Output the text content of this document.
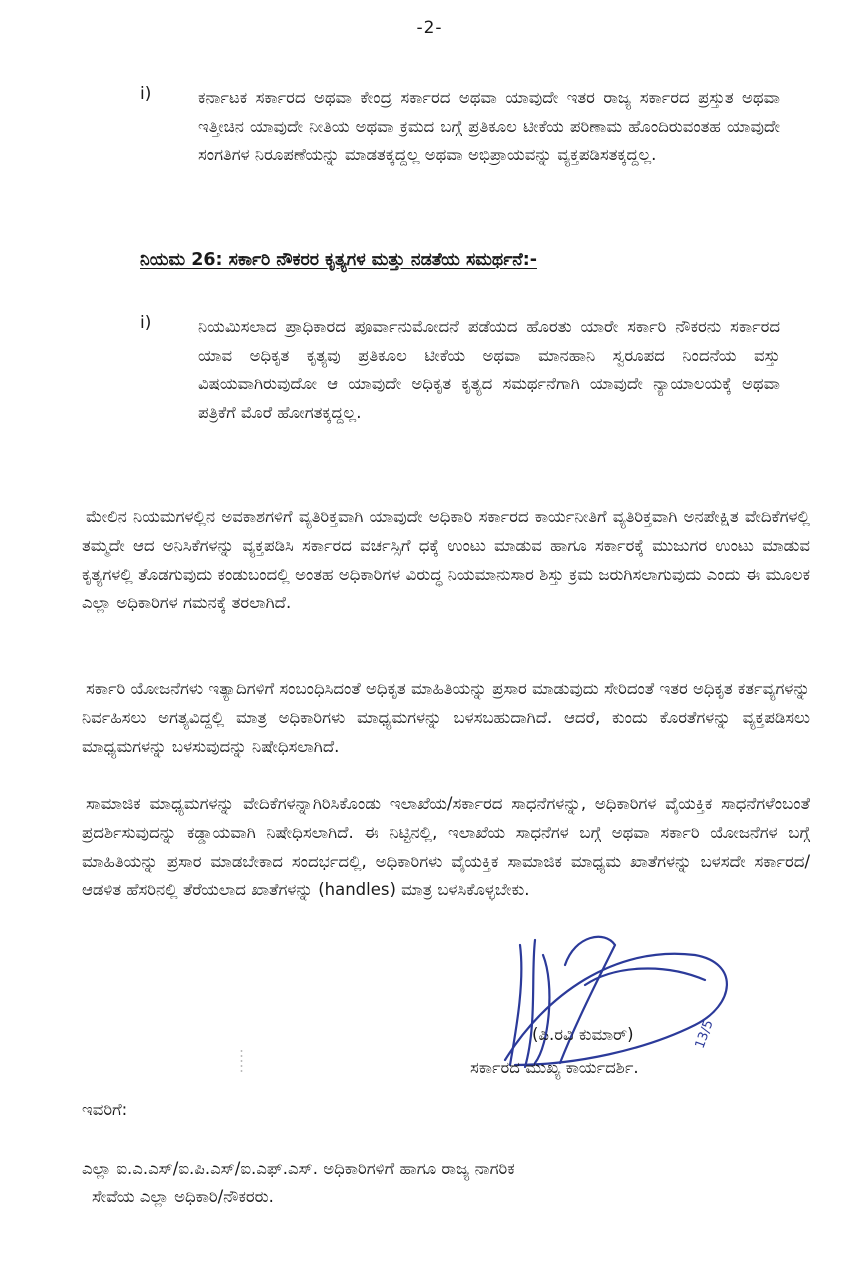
-2-
i)	ಕರ್ನಾಟಕ ಸರ್ಕಾರದ ಅಥವಾ ಕೇಂದ್ರ ಸರ್ಕಾರದ ಅಥವಾ ಯಾವುದೇ ಇತರ ರಾಜ್ಯ ಸರ್ಕಾರದ ಪ್ರಸ್ತುತ ಅಥವಾ ಇತ್ತೀಚಿನ ಯಾವುದೇ ನೀತಿಯ ಅಥವಾ ಕ್ರಮದ ಬಗ್ಗೆ ಪ್ರತಿಕೂಲ ಟೀಕೆಯ ಪರಿಣಾಮ ಹೊಂದಿರುವಂತಹ ಯಾವುದೇ ಸಂಗತಿಗಳ ನಿರೂಪಣೆಯನ್ನು ಮಾಡತಕ್ಕದ್ದಲ್ಲ ಅಥವಾ ಅಭಿಪ್ರಾಯವನ್ನು ವ್ಯಕ್ತಪಡಿಸತಕ್ಕದ್ದಲ್ಲ.
ನಿಯಮ 26: ಸರ್ಕಾರಿ ನೌಕರರ ಕೃತ್ಯಗಳ ಮತ್ತು ನಡತೆಯ ಸಮರ್ಥನೆ:-
i)	ನಿಯಮಿಸಲಾದ ಪ್ರಾಧಿಕಾರದ ಪೂರ್ವಾನುಮೋದನೆ ಪಡೆಯದ ಹೊರತು ಯಾರೇ ಸರ್ಕಾರಿ ನೌಕರನು ಸರ್ಕಾರದ ಯಾವ ಅಧಿಕೃತ ಕೃತ್ಯವು ಪ್ರತಿಕೂಲ ಟೀಕೆಯ ಅಥವಾ ಮಾನಹಾನಿ ಸ್ವರೂಪದ ನಿಂದನೆಯ ವಸ್ತು ವಿಷಯವಾಗಿರುವುದೋ ಆ ಯಾವುದೇ ಅಧಿಕೃತ ಕೃತ್ಯದ ಸಮರ್ಥನೆಗಾಗಿ ಯಾವುದೇ ನ್ಯಾಯಾಲಯಕ್ಕೆ ಅಥವಾ ಪತ್ರಿಕೆಗೆ ಮೊರೆ ಹೋಗತಕ್ಕದ್ದಲ್ಲ.
ಮೇಲಿನ ನಿಯಮಗಳಲ್ಲಿನ ಅವಕಾಶಗಳಿಗೆ ವ್ಯತಿರಿಕ್ತವಾಗಿ ಯಾವುದೇ ಅಧಿಕಾರಿ ಸರ್ಕಾರದ ಕಾರ್ಯನೀತಿಗೆ ವ್ಯತಿರಿಕ್ತವಾಗಿ ಅನಪೇಕ್ಷಿತ ವೇದಿಕೆಗಳಲ್ಲಿ ತಮ್ಮದೇ ಆದ ಅನಿಸಿಕೆಗಳನ್ನು ವ್ಯಕ್ತಪಡಿಸಿ ಸರ್ಕಾರದ ವರ್ಚಸ್ಸಿಗೆ ಧಕ್ಕೆ ಉಂಟು ಮಾಡುವ ಹಾಗೂ ಸರ್ಕಾರಕ್ಕೆ ಮುಜುಗರ ಉಂಟು ಮಾಡುವ ಕೃತ್ಯಗಳಲ್ಲಿ ತೊಡಗುವುದು ಕಂಡುಬಂದಲ್ಲಿ ಅಂತಹ ಅಧಿಕಾರಿಗಳ ವಿರುದ್ಧ ನಿಯಮಾನುಸಾರ ಶಿಸ್ತು ಕ್ರಮ ಜರುಗಿಸಲಾಗುವುದು ಎಂದು ಈ ಮೂಲಕ ಎಲ್ಲಾ ಅಧಿಕಾರಿಗಳ ಗಮನಕ್ಕೆ ತರಲಾಗಿದೆ.
ಸರ್ಕಾರಿ ಯೋಜನೆಗಳು ಇತ್ಯಾದಿಗಳಿಗೆ ಸಂಬಂಧಿಸಿದಂತೆ ಅಧಿಕೃತ ಮಾಹಿತಿಯನ್ನು ಪ್ರಸಾರ ಮಾಡುವುದು ಸೇರಿದಂತೆ ಇತರ ಅಧಿಕೃತ ಕರ್ತವ್ಯಗಳನ್ನು ನಿರ್ವಹಿಸಲು ಅಗತ್ಯವಿದ್ದಲ್ಲಿ ಮಾತ್ರ ಅಧಿಕಾರಿಗಳು ಮಾಧ್ಯಮಗಳನ್ನು ಬಳಸಬಹುದಾಗಿದೆ. ಆದರೆ, ಕುಂದು ಕೊರತೆಗಳನ್ನು ವ್ಯಕ್ತಪಡಿಸಲು ಮಾಧ್ಯಮಗಳನ್ನು ಬಳಸುವುದನ್ನು ನಿಷೇಧಿಸಲಾಗಿದೆ.
ಸಾಮಾಜಿಕ ಮಾಧ್ಯಮಗಳನ್ನು ವೇದಿಕೆಗಳನ್ನಾಗಿರಿಸಿಕೊಂಡು ಇಲಾಖೆಯ/ಸರ್ಕಾರದ ಸಾಧನೆಗಳನ್ನು, ಅಧಿಕಾರಿಗಳ ವೈಯಕ್ತಿಕ ಸಾಧನೆಗಳೆಂಬಂತೆ ಪ್ರದರ್ಶಿಸುವುದನ್ನು ಕಡ್ಡಾಯವಾಗಿ ನಿಷೇಧಿಸಲಾಗಿದೆ. ಈ ನಿಟ್ಟಿನಲ್ಲಿ, ಇಲಾಖೆಯ ಸಾಧನೆಗಳ ಬಗ್ಗೆ ಅಥವಾ ಸರ್ಕಾರಿ ಯೋಜನೆಗಳ ಬಗ್ಗೆ ಮಾಹಿತಿಯನ್ನು ಪ್ರಸಾರ ಮಾಡಬೇಕಾದ ಸಂದರ್ಭದಲ್ಲಿ, ಅಧಿಕಾರಿಗಳು ವೈಯಕ್ತಿಕ ಸಾಮಾಜಿಕ ಮಾಧ್ಯಮ ಖಾತೆಗಳನ್ನು ಬಳಸದೇ ಸರ್ಕಾರದ/ಆಡಳಿತ ಹೆಸರಿನಲ್ಲಿ ತೆರೆಯಲಾದ ಖಾತೆಗಳನ್ನು (handles) ಮಾತ್ರ ಬಳಸಿಕೊಳ್ಳಬೇಕು.
13/5
(ಪಿ.ರವಿ ಕುಮಾರ್)
ಸರ್ಕಾರದ ಮುಖ್ಯ ಕಾರ್ಯದರ್ಶಿ.
ಇವರಿಗೆ:
ಎಲ್ಲಾ ಐ.ಎ.ಎಸ್/ಐ.ಪಿ.ಎಸ್/ಐ.ಎಫ್.ಎಸ್. ಅಧಿಕಾರಿಗಳಿಗೆ ಹಾಗೂ ರಾಜ್ಯ ನಾಗರಿಕ
ಸೇವೆಯ ಎಲ್ಲಾ ಅಧಿಕಾರಿ/ನೌಕರರು.
